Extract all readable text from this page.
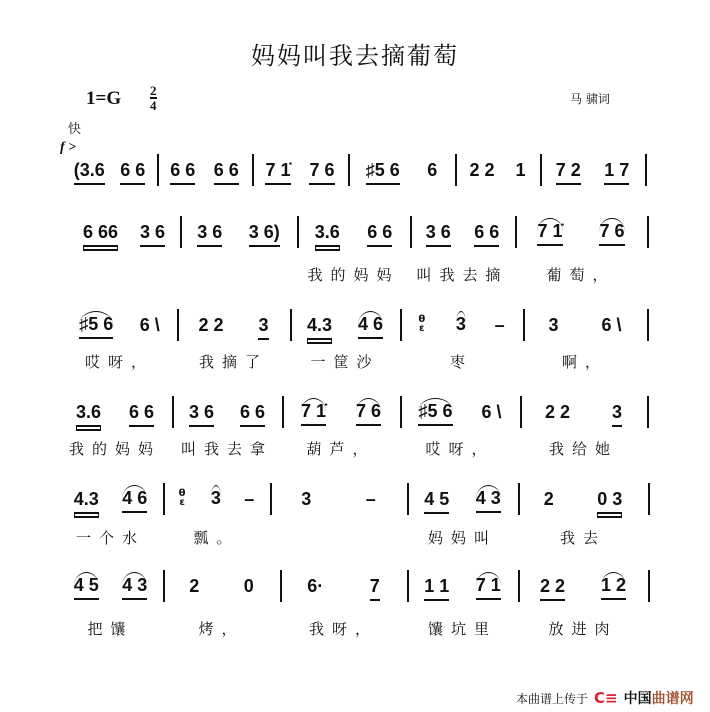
妈妈叫我去摘葡萄
1=G 2
4	马 骕词
快
f >
(3.6 6 6 6 6 6 6 7 1̇ 7 6 ♯5 6 6 2 2 1 7 2 1 7
6 66 3 6 3 6 3 6) 3.6 6 6
我的妈妈
3 6 6 6
叫我去摘
7 1̇ 7 6
葡萄，
♯5 6 6 \
哎呀，
2 2 3
我摘了
4.3 4 6
一筐沙
θ
ε 3 –
枣
3 6 \
啊，
3.6 6 6
我的妈妈
3 6 6 6
叫我去拿
7 1̇ 7 6
葫芦，
♯5 6 6 \
哎呀，
2 2 3
我给她
4.3 4 6
一个水
θ
ε 3 –
瓢。
3	–	4 5 4 3
妈妈叫
2 0 3
我去
4 5 4 3
把馕
2 0
烤，
6·	7
我呀，
1 1 7 1
馕坑里
2 2 1 2
放进肉
本曲谱上传于 C≡ 中国曲谱网
